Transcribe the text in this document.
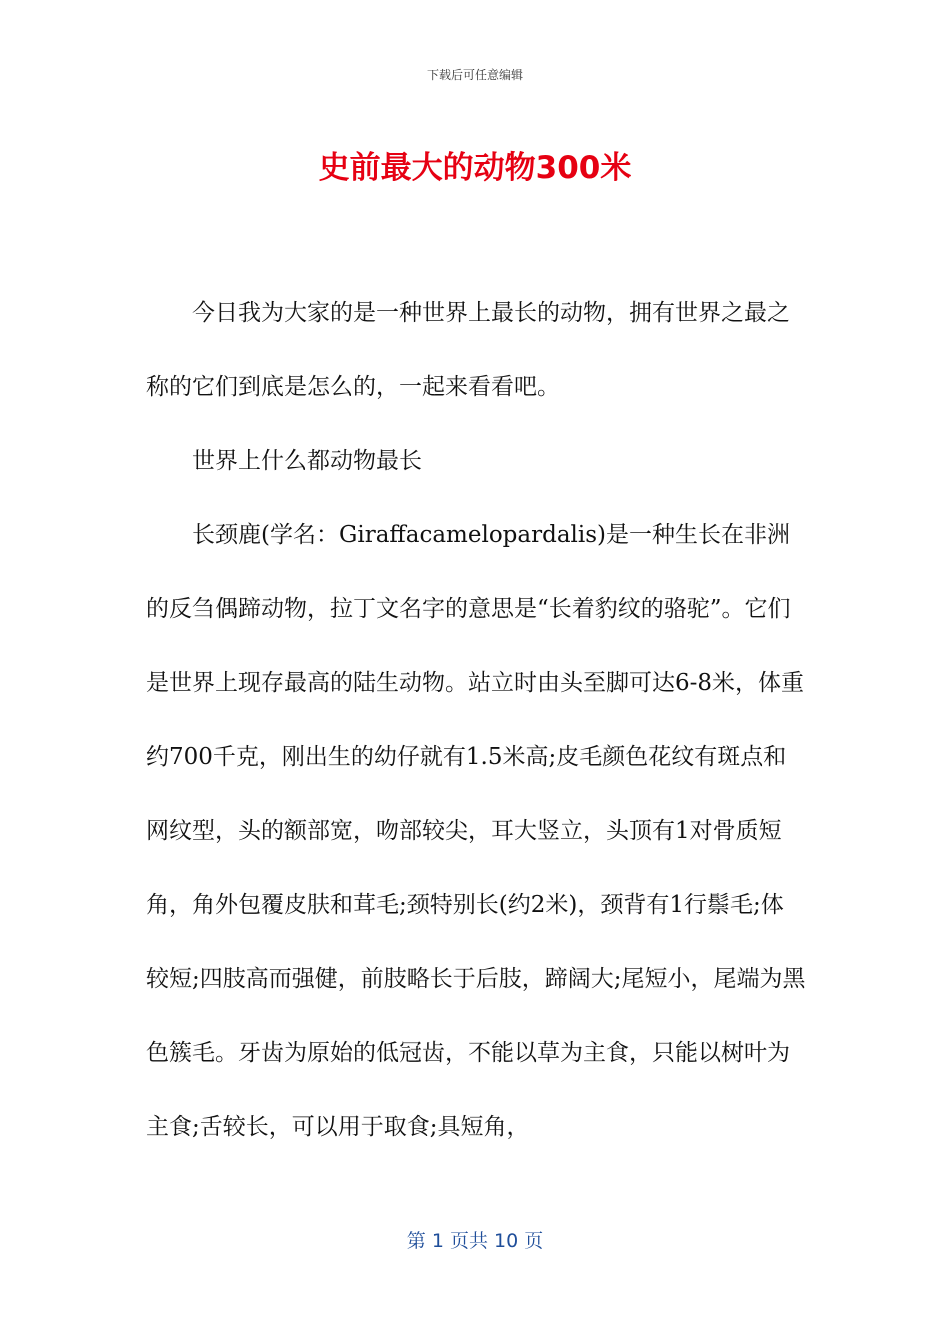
下载后可任意编辑
史前最大的动物300米

今日我为大家的是一种世界上最长的动物，拥有世界之最之称的它们到底是怎么的，一起来看看吧。

世界上什么都动物最长

长颈鹿(学名：Giraffacamelopardalis)是一种生长在非洲的反刍偶蹄动物，拉丁文名字的意思是“长着豹纹的骆驼”。它们是世界上现存最高的陆生动物。站立时由头至脚可达6-8米，体重约700千克，刚出生的幼仔就有1.5米高;皮毛颜色花纹有斑点和网纹型，头的额部宽，吻部较尖，耳大竖立，头顶有1对骨质短角，角外包覆皮肤和茸毛;颈特别长(约2米)，颈背有1行鬃毛;体较短;四肢高而强健，前肢略长于后肢，蹄阔大;尾短小，尾端为黑色簇毛。牙齿为原始的低冠齿，不能以草为主食，只能以树叶为主食;舌较长，可以用于取食;具短角，

第 1 页共 10 页
